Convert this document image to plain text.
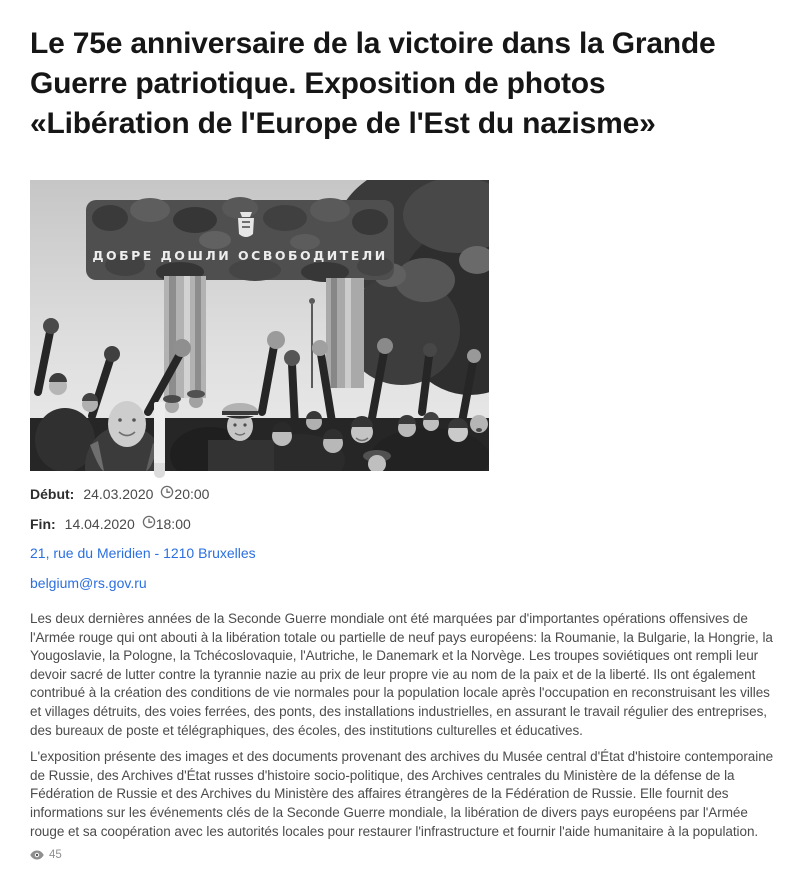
Le 75e anniversaire de la victoire dans la Grande Guerre patriotique. Exposition de photos «Libération de l'Europe de l'Est du nazisme»
ДОБРЕ ДОШЛИ ОСВОБОДИТЕЛИ
Début: 24.03.2020 20:00
Fin: 14.04.2020 18:00
21, rue du Meridien - 1210 Bruxelles
belgium@rs.gov.ru

Les deux dernières années de la Seconde Guerre mondiale ont été marquées par d'importantes opérations offensives de l'Armée rouge qui ont abouti à la libération totale ou partielle de neuf pays européens: la Roumanie, la Bulgarie, la Hongrie, la Yougoslavie, la Pologne, la Tchécoslovaquie, l'Autriche, le Danemark et la Norvège. Les troupes soviétiques ont rempli leur devoir sacré de lutter contre la tyrannie nazie au prix de leur propre vie au nom de la paix et de la liberté. Ils ont également contribué à la création des conditions de vie normales pour la population locale après l'occupation en reconstruisant les villes et villages détruits, des voies ferrées, des ponts, des installations industrielles, en assurant le travail régulier des entreprises, des bureaux de poste et télégraphiques, des écoles, des institutions culturelles et éducatives.

L'exposition présente des images et des documents provenant des archives du Musée central d'État d'histoire contemporaine de Russie, des Archives d'État russes d'histoire socio-politique, des Archives centrales du Ministère de la défense de la Fédération de Russie et des Archives du Ministère des affaires étrangères de la Fédération de Russie. Elle fournit des informations sur les événements clés de la Seconde Guerre mondiale, la libération de divers pays européens par l'Armée rouge et sa coopération avec les autorités locales pour restaurer l'infrastructure et fournir l'aide humanitaire à la population.

45
